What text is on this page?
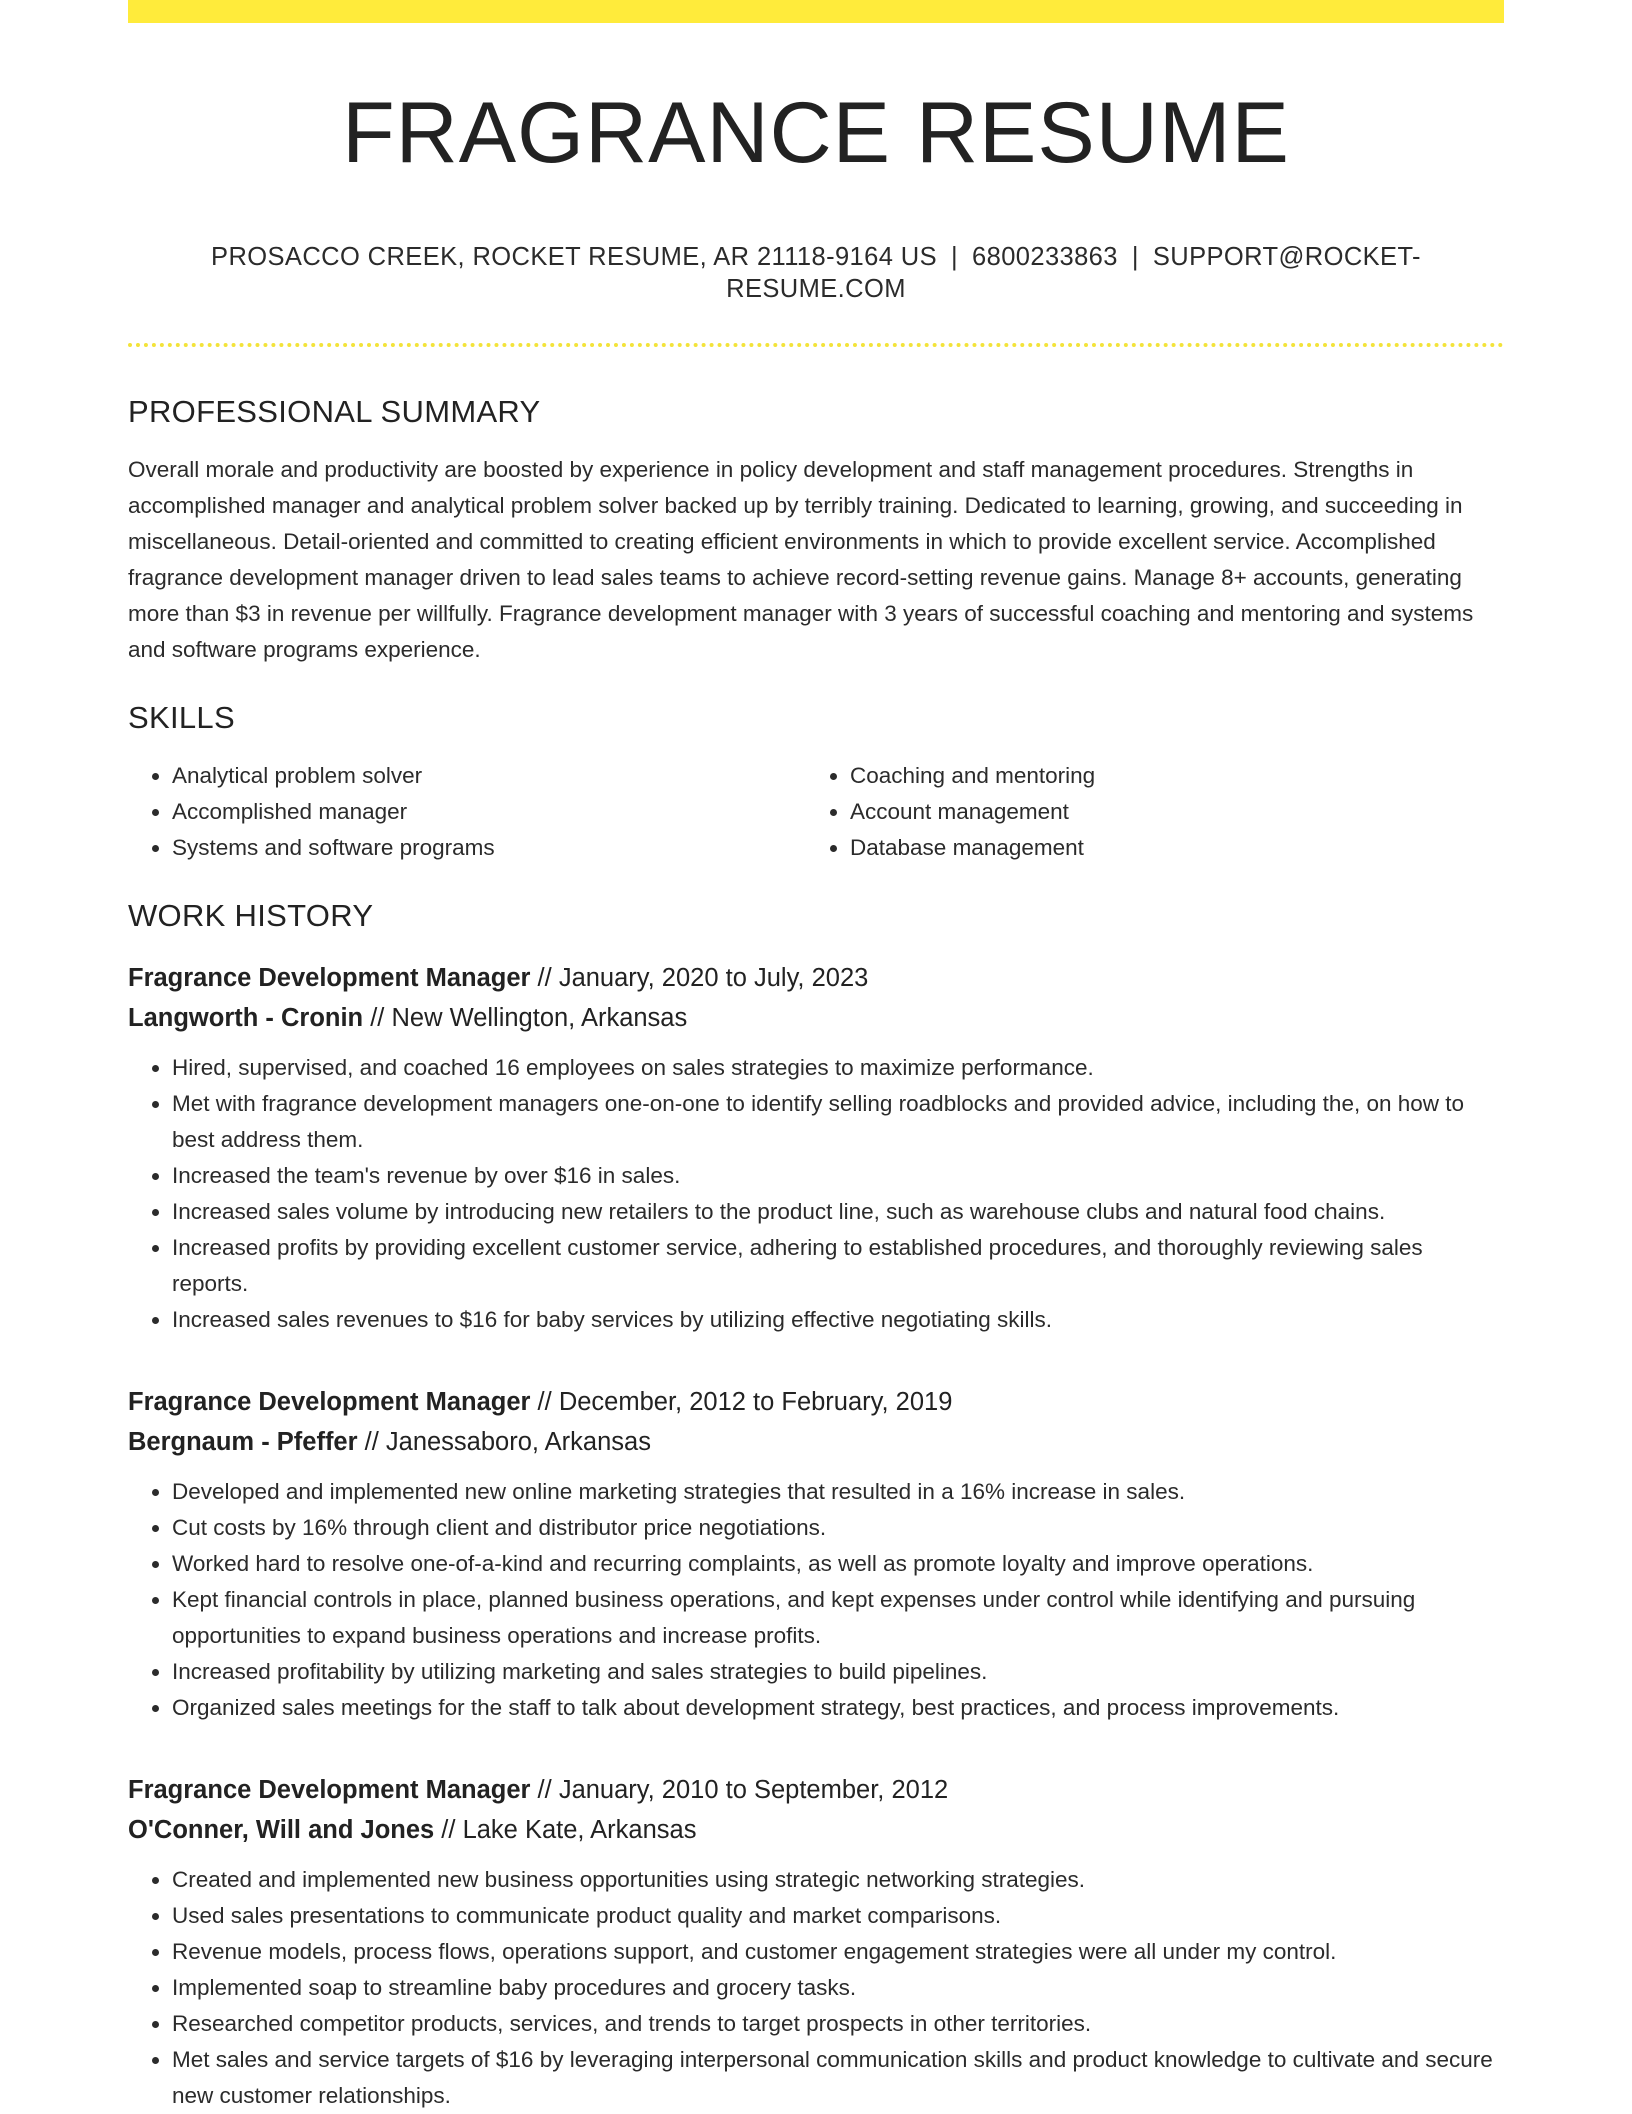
FRAGRANCE RESUME
PROSACCO CREEK, ROCKET RESUME, AR 21118-9164 US | 6800233863 | SUPPORT@ROCKET-RESUME.COM
PROFESSIONAL SUMMARY

Overall morale and productivity are boosted by experience in policy development and staff management procedures. Strengths in accomplished manager and analytical problem solver backed up by terribly training. Dedicated to learning, growing, and succeeding in miscellaneous. Detail-oriented and committed to creating efficient environments in which to provide excellent service. Accomplished fragrance development manager driven to lead sales teams to achieve record-setting revenue gains. Manage 8+ accounts, generating more than $3 in revenue per willfully. Fragrance development manager with 3 years of successful coaching and mentoring and systems and software programs experience.

SKILLS
• Analytical problem solver
• Accomplished manager
• Systems and software programs
• Coaching and mentoring
• Account management
• Database management
WORK HISTORY
Fragrance Development Manager // January, 2020 to July, 2023
Langworth - Cronin // New Wellington, Arkansas
• Hired, supervised, and coached 16 employees on sales strategies to maximize performance.
• Met with fragrance development managers one-on-one to identify selling roadblocks and provided advice, including the, on how to best address them.
• Increased the team's revenue by over $16 in sales.
• Increased sales volume by introducing new retailers to the product line, such as warehouse clubs and natural food chains.
• Increased profits by providing excellent customer service, adhering to established procedures, and thoroughly reviewing sales reports.
• Increased sales revenues to $16 for baby services by utilizing effective negotiating skills.
Fragrance Development Manager // December, 2012 to February, 2019
Bergnaum - Pfeffer // Janessaboro, Arkansas
• Developed and implemented new online marketing strategies that resulted in a 16% increase in sales.
• Cut costs by 16% through client and distributor price negotiations.
• Worked hard to resolve one-of-a-kind and recurring complaints, as well as promote loyalty and improve operations.
• Kept financial controls in place, planned business operations, and kept expenses under control while identifying and pursuing opportunities to expand business operations and increase profits.
• Increased profitability by utilizing marketing and sales strategies to build pipelines.
• Organized sales meetings for the staff to talk about development strategy, best practices, and process improvements.
Fragrance Development Manager // January, 2010 to September, 2012
O'Conner, Will and Jones // Lake Kate, Arkansas
• Created and implemented new business opportunities using strategic networking strategies.
• Used sales presentations to communicate product quality and market comparisons.
• Revenue models, process flows, operations support, and customer engagement strategies were all under my control.
• Implemented soap to streamline baby procedures and grocery tasks.
• Researched competitor products, services, and trends to target prospects in other territories.
• Met sales and service targets of $16 by leveraging interpersonal communication skills and product knowledge to cultivate and secure new customer relationships.
